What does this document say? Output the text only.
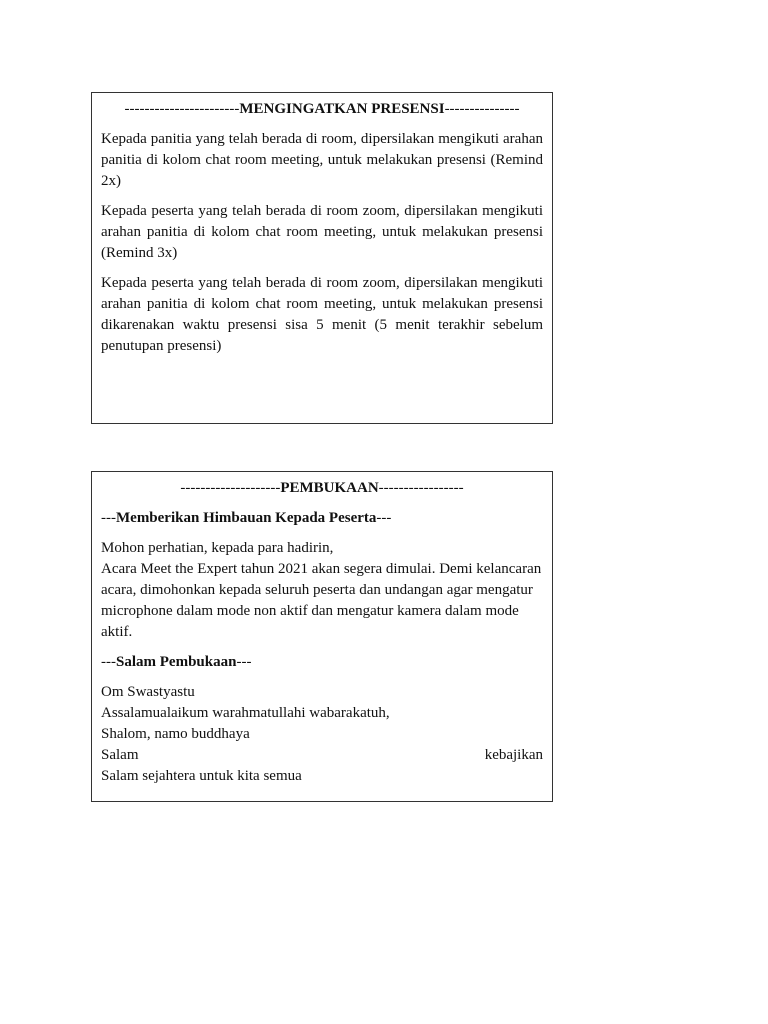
-----------------------MENGINGATKAN PRESENSI---------------

Kepada panitia yang telah berada di room, dipersilakan mengikuti arahan panitia di kolom chat room meeting, untuk melakukan presensi (Remind 2x)

Kepada peserta yang telah berada di room zoom, dipersilakan mengikuti arahan panitia di kolom chat room meeting, untuk melakukan presensi (Remind 3x)

Kepada peserta yang telah berada di room zoom, dipersilakan mengikuti arahan panitia di kolom chat room meeting, untuk melakukan presensi dikarenakan waktu presensi sisa 5 menit (5 menit terakhir sebelum penutupan presensi)

--------------------PEMBUKAAN-----------------
---Memberikan Himbauan Kepada Peserta---
Mohon perhatian, kepada para hadirin,
Acara Meet the Expert tahun 2021 akan segera dimulai. Demi kelancaran acara, dimohonkan kepada seluruh peserta dan undangan agar mengatur microphone dalam mode non aktif dan mengatur kamera dalam mode aktif.
---Salam Pembukaan---
Om Swastyastu
Assalamualaikum warahmatullahi wabarakatuh,
Shalom, namo buddhaya
Salam	kebajikan
Salam sejahtera untuk kita semua
